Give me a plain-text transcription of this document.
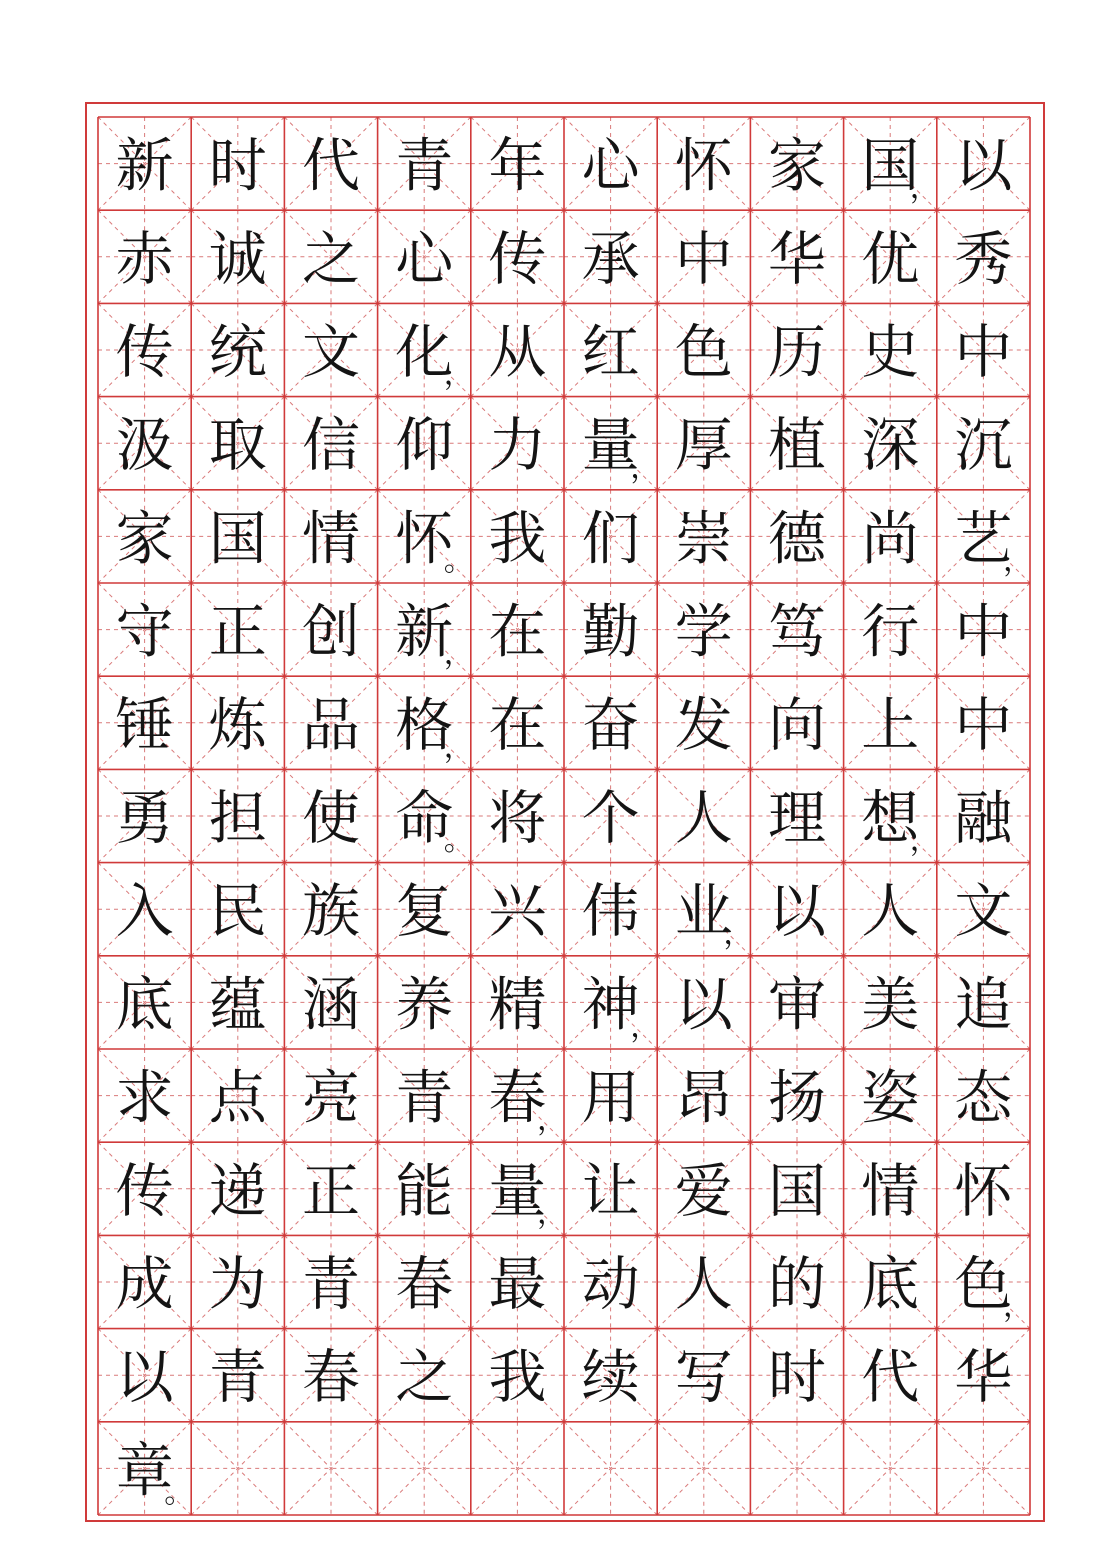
新 时 代 青 年 心 怀 家 国
， 以
赤 诚 之 心 传 承 中 华 优 秀
传 统 文 化
， 从 红 色 历 史 中
汲 取 信 仰 力 量
， 厚 植 深 沉
家 国 情 怀
。 我 们 崇 德 尚 艺
，
守 正 创 新
， 在 勤 学 笃 行 中
锤 炼 品 格
， 在 奋 发 向 上 中
勇 担 使 命
。 将 个 人 理 想
， 融
入 民 族 复 兴 伟 业
， 以 人 文
底 蕴 涵 养 精 神
， 以 审 美 追
求 点 亮 青 春
， 用 昂 扬 姿 态
传 递 正 能 量
， 让 爱 国 情 怀
成 为 青 春 最 动 人 的 底 色
，
以 青 春 之 我 续 写 时 代 华
章
。
